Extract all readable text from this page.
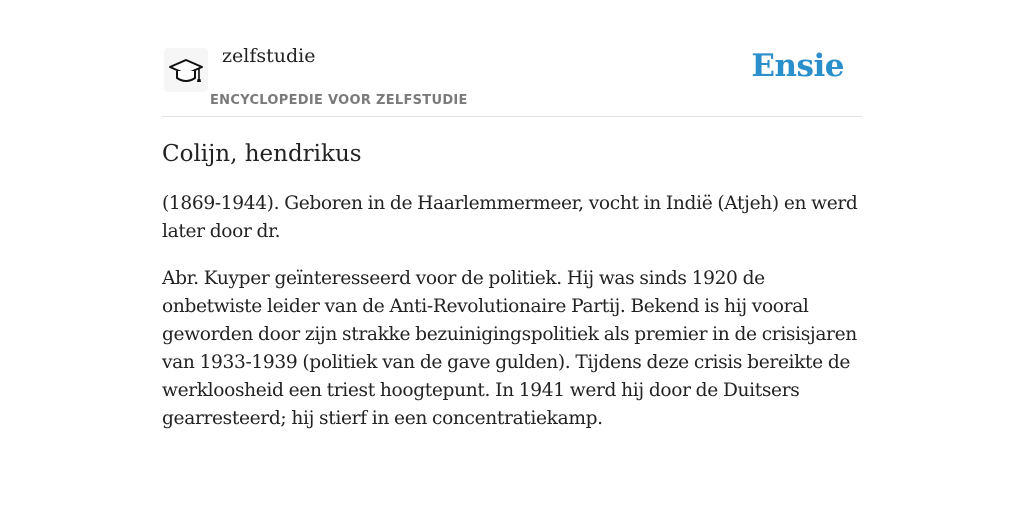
zelfstudie
ENCYCLOPEDIE VOOR ZELFSTUDIE
Ensie
Colijn, hendrikus

(1869-1944). Geboren in de Haarlemmermeer, vocht in Indië (Atjeh) en werd later door dr.

Abr. Kuyper geïnteresseerd voor de politiek. Hij was sinds 1920 de onbetwiste leider van de Anti-Revolutionaire Partij. Bekend is hij vooral geworden door zijn strakke bezuinigingspolitiek als premier in de crisisjaren van 1933-1939 (politiek van de gave gulden). Tijdens deze crisis bereikte de werkloosheid een triest hoogtepunt. In 1941 werd hij door de Duitsers gearresteerd; hij stierf in een concentratiekamp.
